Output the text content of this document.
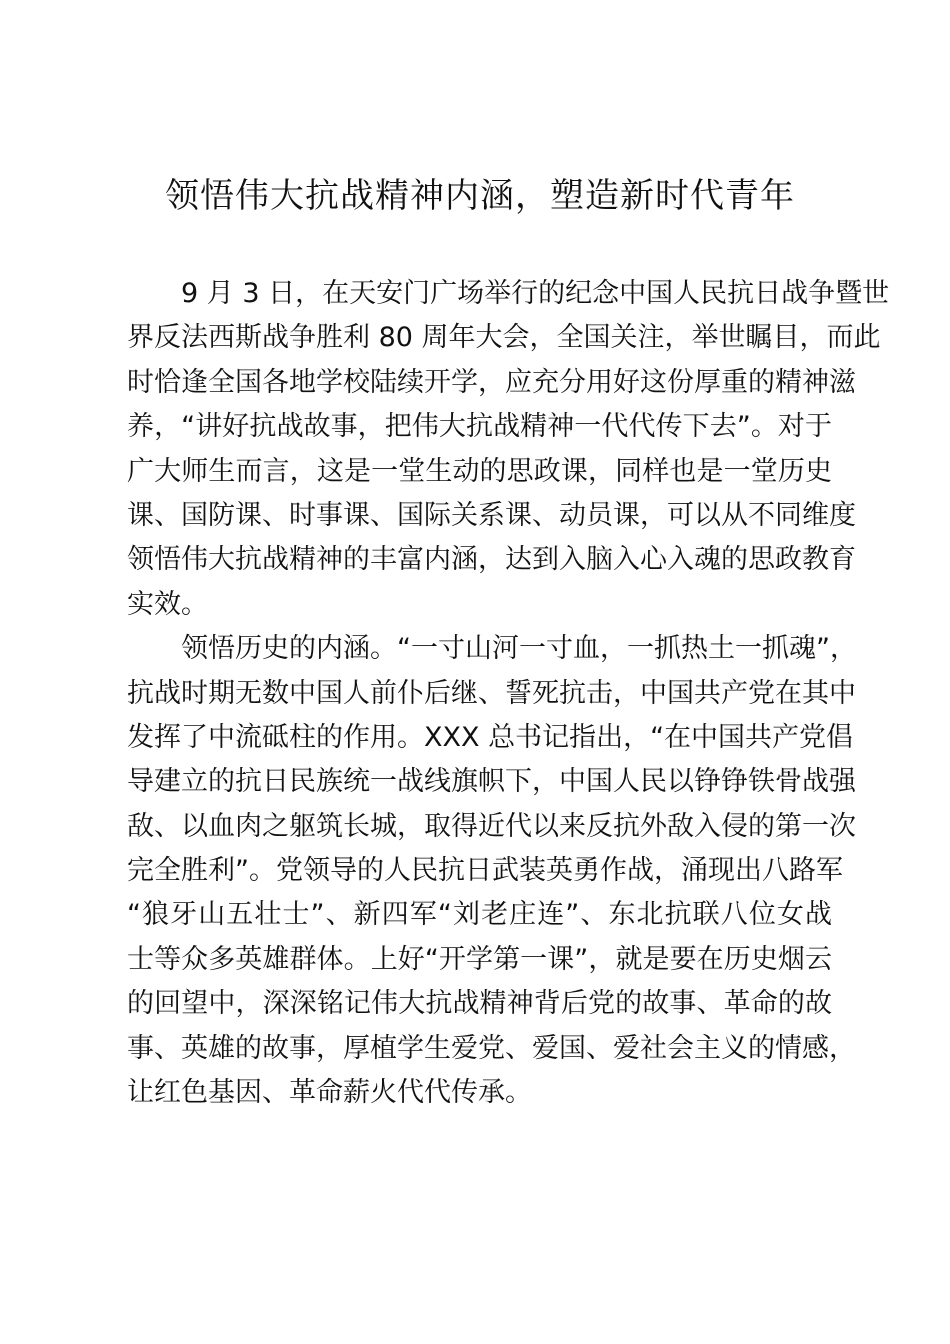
领悟伟大抗战精神内涵，塑造新时代青年
9 月 3 日，在天安门广场举行的纪念中国人民抗日战争暨世
界反法西斯战争胜利 80 周年大会，全国关注，举世瞩目，而此
时恰逢全国各地学校陆续开学，应充分用好这份厚重的精神滋
养，“讲好抗战故事，把伟大抗战精神一代代传下去”。对于
广大师生而言，这是一堂生动的思政课，同样也是一堂历史
课、国防课、时事课、国际关系课、动员课，可以从不同维度
领悟伟大抗战精神的丰富内涵，达到入脑入心入魂的思政教育
实效。
领悟历史的内涵。“一寸山河一寸血，一抓热土一抓魂”，
抗战时期无数中国人前仆后继、誓死抗击，中国共产党在其中
发挥了中流砥柱的作用。XXX 总书记指出，“在中国共产党倡
导建立的抗日民族统一战线旗帜下，中国人民以铮铮铁骨战强
敌、以血肉之躯筑长城，取得近代以来反抗外敌入侵的第一次
完全胜利”。党领导的人民抗日武装英勇作战，涌现出八路军
“狼牙山五壮士”、新四军“刘老庄连”、东北抗联八位女战
士等众多英雄群体。上好“开学第一课”，就是要在历史烟云
的回望中，深深铭记伟大抗战精神背后党的故事、革命的故
事、英雄的故事，厚植学生爱党、爱国、爱社会主义的情感，
让红色基因、革命薪火代代传承。
